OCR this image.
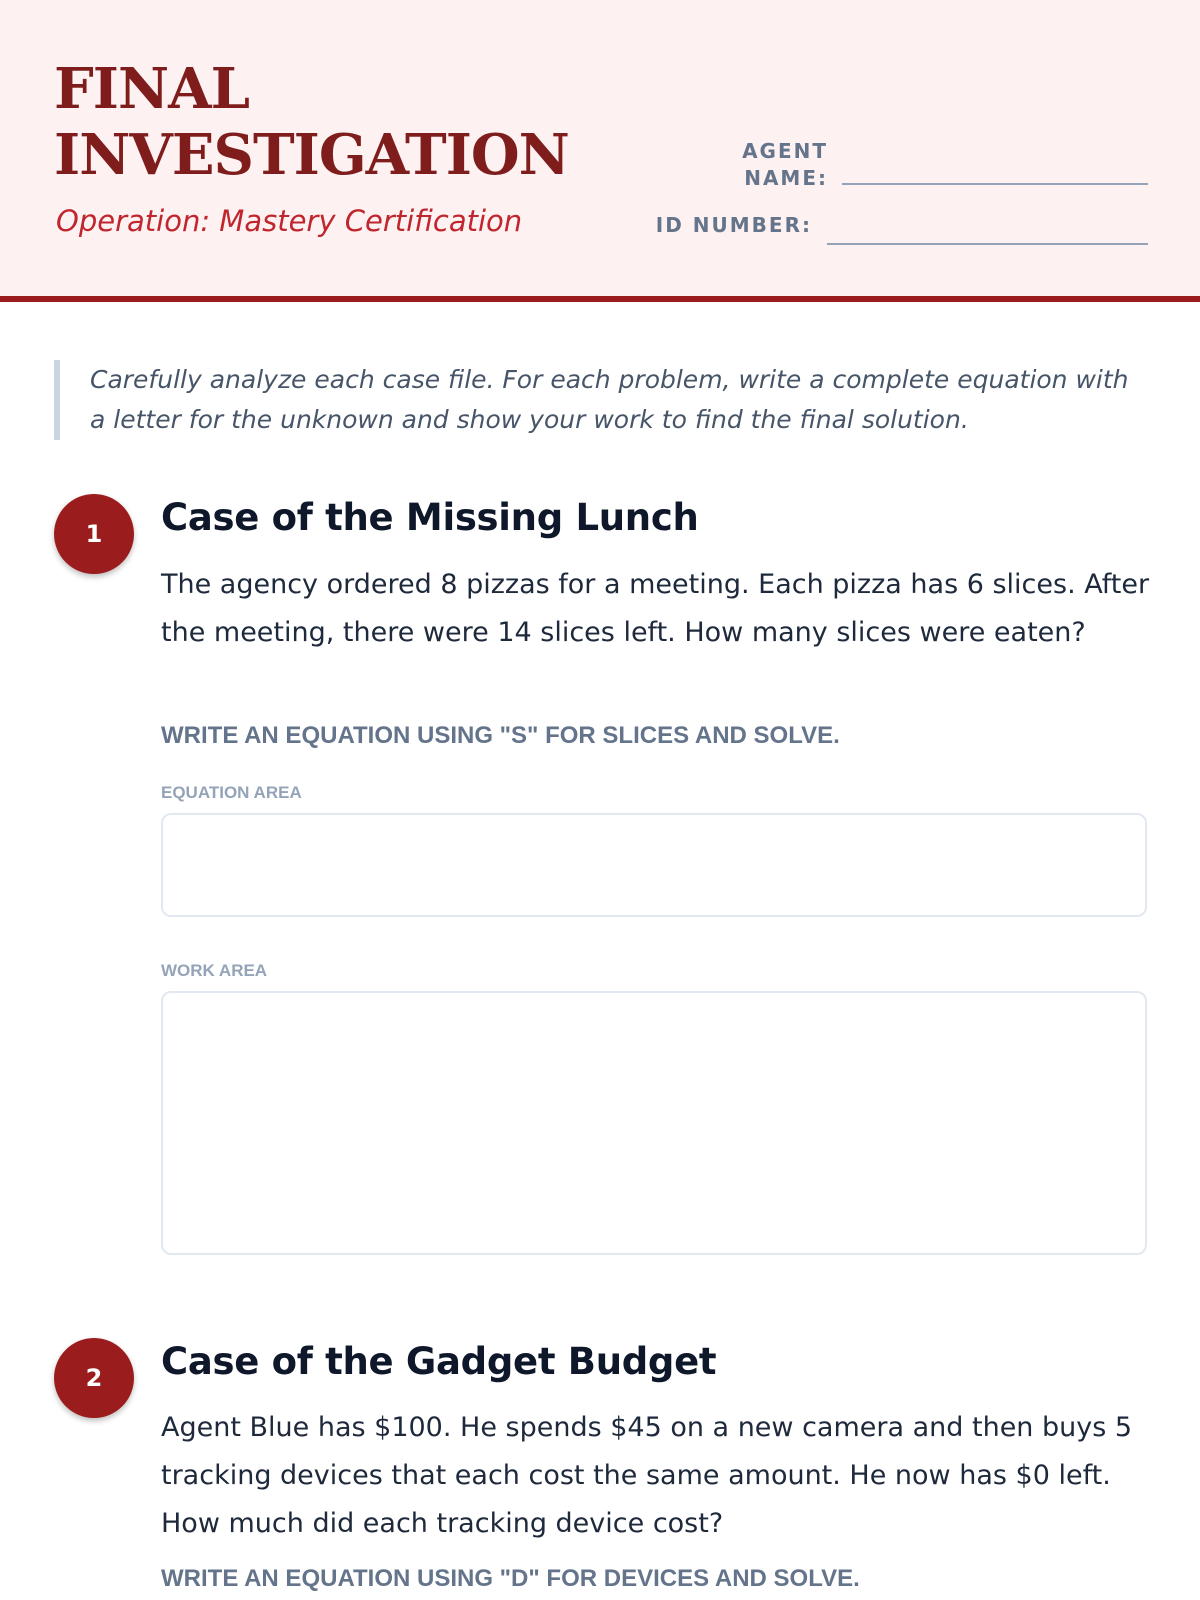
FINAL
INVESTIGATION
Operation: Mastery Certification
AGENT
NAME:
ID NUMBER:
Carefully analyze each case file. For each problem, write a complete equation with a letter for the unknown and show your work to find the final solution.
1	Case of the Missing Lunch
The agency ordered 8 pizzas for a meeting. Each pizza has 6 slices. After the meeting, there were 14 slices left. How many slices were eaten?
WRITE AN EQUATION USING "S" FOR SLICES AND SOLVE.
EQUATION AREA
WORK AREA
2	Case of the Gadget Budget
Agent Blue has $100. He spends $45 on a new camera and then buys 5 tracking devices that each cost the same amount. He now has $0 left. How much did each tracking device cost?
WRITE AN EQUATION USING "D" FOR DEVICES AND SOLVE.
